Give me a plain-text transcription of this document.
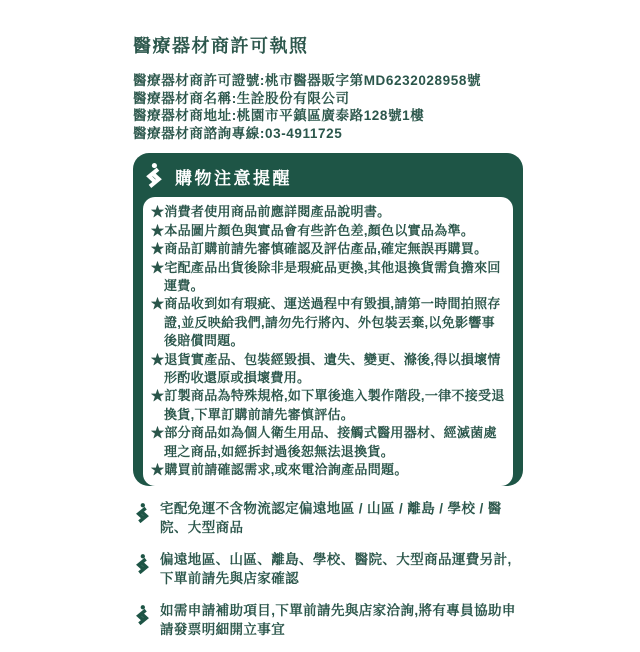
醫療器材商許可執照
醫療器材商許可證號:桃市醫器販字第MD6232028958號
醫療器材商名稱:生詮股份有限公司
醫療器材商地址:桃園市平鎮區廣泰路128號1樓
醫療器材商諮詢專線:03-4911725
購物注意提醒
★消費者使用商品前應詳閱產品說明書。
★本品圖片顏色與實品會有些許色差,顏色以實品為準。
★商品訂購前請先審慎確認及評估產品,確定無誤再購買。
★宅配產品出貨後除非是瑕疵品更換,其他退換貨需負擔來回運費。
★商品收到如有瑕疵、運送過程中有毀損,請第一時間拍照存證,並反映給我們,請勿先行將內、外包裝丟棄,以免影響事後賠償問題。
★退貨實產品、包裝經毀損、遺失、變更、滌後,得以損壞情形酌收還原或損壞費用。
★訂製商品為特殊規格,如下單後進入製作階段,一律不接受退換貨,下單訂購前請先審慎評估。
★部分商品如為個人衛生用品、接觸式醫用器材、經滅菌處理之商品,如經拆封過後恕無法退換貨。
★購買前請確認需求,或來電洽詢產品問題。
宅配免運不含物流認定偏遠地區 / 山區 / 離島 / 學校 / 醫院、大型商品
偏遠地區、山區、離島、學校、醫院、大型商品運費另計,下單前請先與店家確認
如需申請補助項目,下單前請先與店家洽詢,將有專員協助申請發票明細開立事宜
